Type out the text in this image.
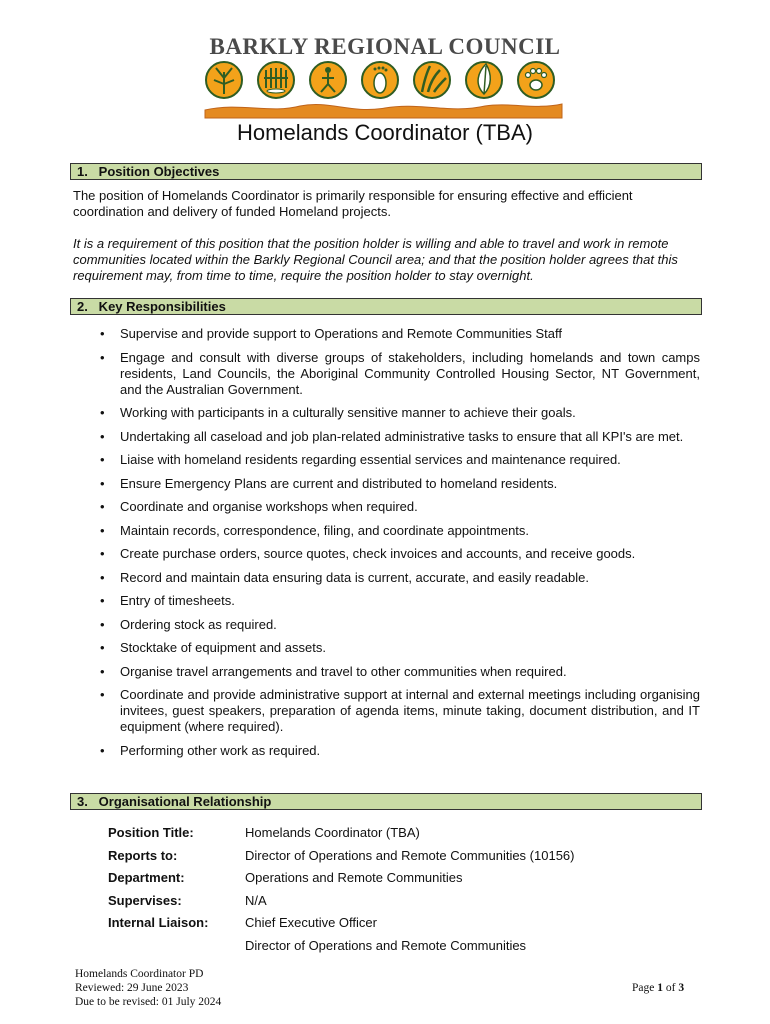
BARKLY REGIONAL COUNCIL
Homelands Coordinator (TBA)
1.   Position Objectives
The position of Homelands Coordinator is primarily responsible for ensuring effective and efficient coordination and delivery of funded Homeland projects.
It is a requirement of this position that the position holder is willing and able to travel and work in remote communities located within the Barkly Regional Council area; and that the position holder agrees that this requirement may, from time to time, require the position holder to stay overnight.
2.   Key Responsibilities
• Supervise and provide support to Operations and Remote Communities Staff
• Engage and consult with diverse groups of stakeholders, including homelands and town camps residents, Land Councils, the Aboriginal Community Controlled Housing Sector, NT Government, and the Australian Government.
• Working with participants in a culturally sensitive manner to achieve their goals.
• Undertaking all caseload and job plan-related administrative tasks to ensure that all KPI's are met.
• Liaise with homeland residents regarding essential services and maintenance required.
• Ensure Emergency Plans are current and distributed to homeland residents.
• Coordinate and organise workshops when required.
• Maintain records, correspondence, filing, and coordinate appointments.
• Create purchase orders, source quotes, check invoices and accounts, and receive goods.
• Record and maintain data ensuring data is current, accurate, and easily readable.
• Entry of timesheets.
• Ordering stock as required.
• Stocktake of equipment and assets.
• Organise travel arrangements and travel to other communities when required.
• Coordinate and provide administrative support at internal and external meetings including organising invitees, guest speakers, preparation of agenda items, minute taking, document distribution, and IT equipment (where required).
• Performing other work as required.
3.   Organisational Relationship
Position Title:	Homelands Coordinator (TBA)
Reports to:	Director of Operations and Remote Communities (10156)
Department:	Operations and Remote Communities
Supervises:	N/A
Internal Liaison:	Chief Executive Officer
Director of Operations and Remote Communities
Homelands Coordinator PD
Reviewed: 29 June 2023
Due to be revised: 01 July 2024
Page 1 of 3
